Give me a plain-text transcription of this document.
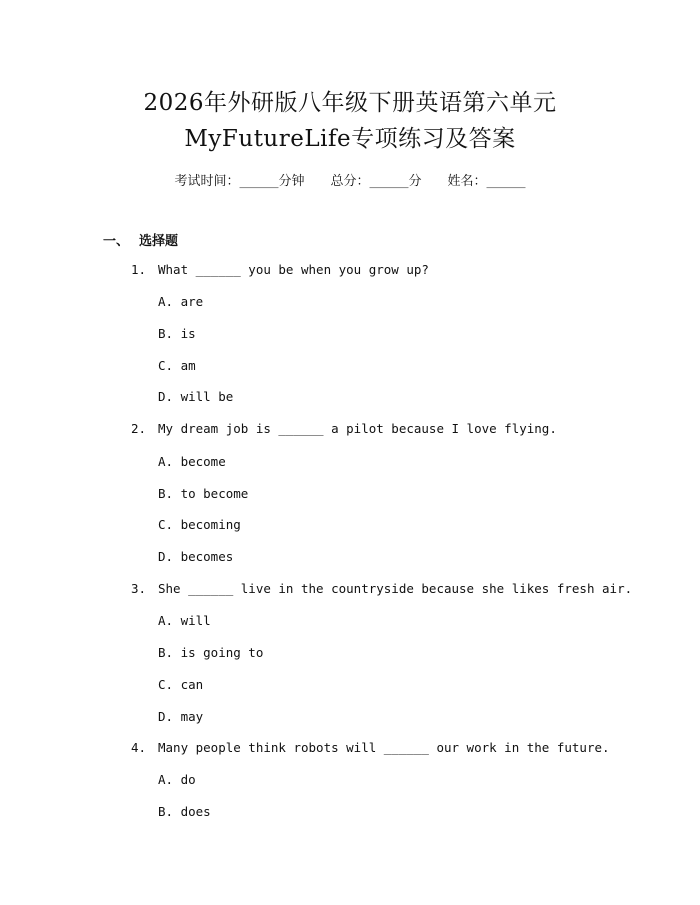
2026年外研版八年级下册英语第六单元
MyFutureLife专项练习及答案
考试时间：______分钟 总分：______分 姓名：______
一、 选择题
1. What ______ you be when you grow up?
A. are
B. is
C. am
D. will be
2. My dream job is ______ a pilot because I love flying.
A. become
B. to become
C. becoming
D. becomes
3. She ______ live in the countryside because she likes fresh air.
A. will
B. is going to
C. can
D. may
4. Many people think robots will ______ our work in the future.
A. do
B. does
